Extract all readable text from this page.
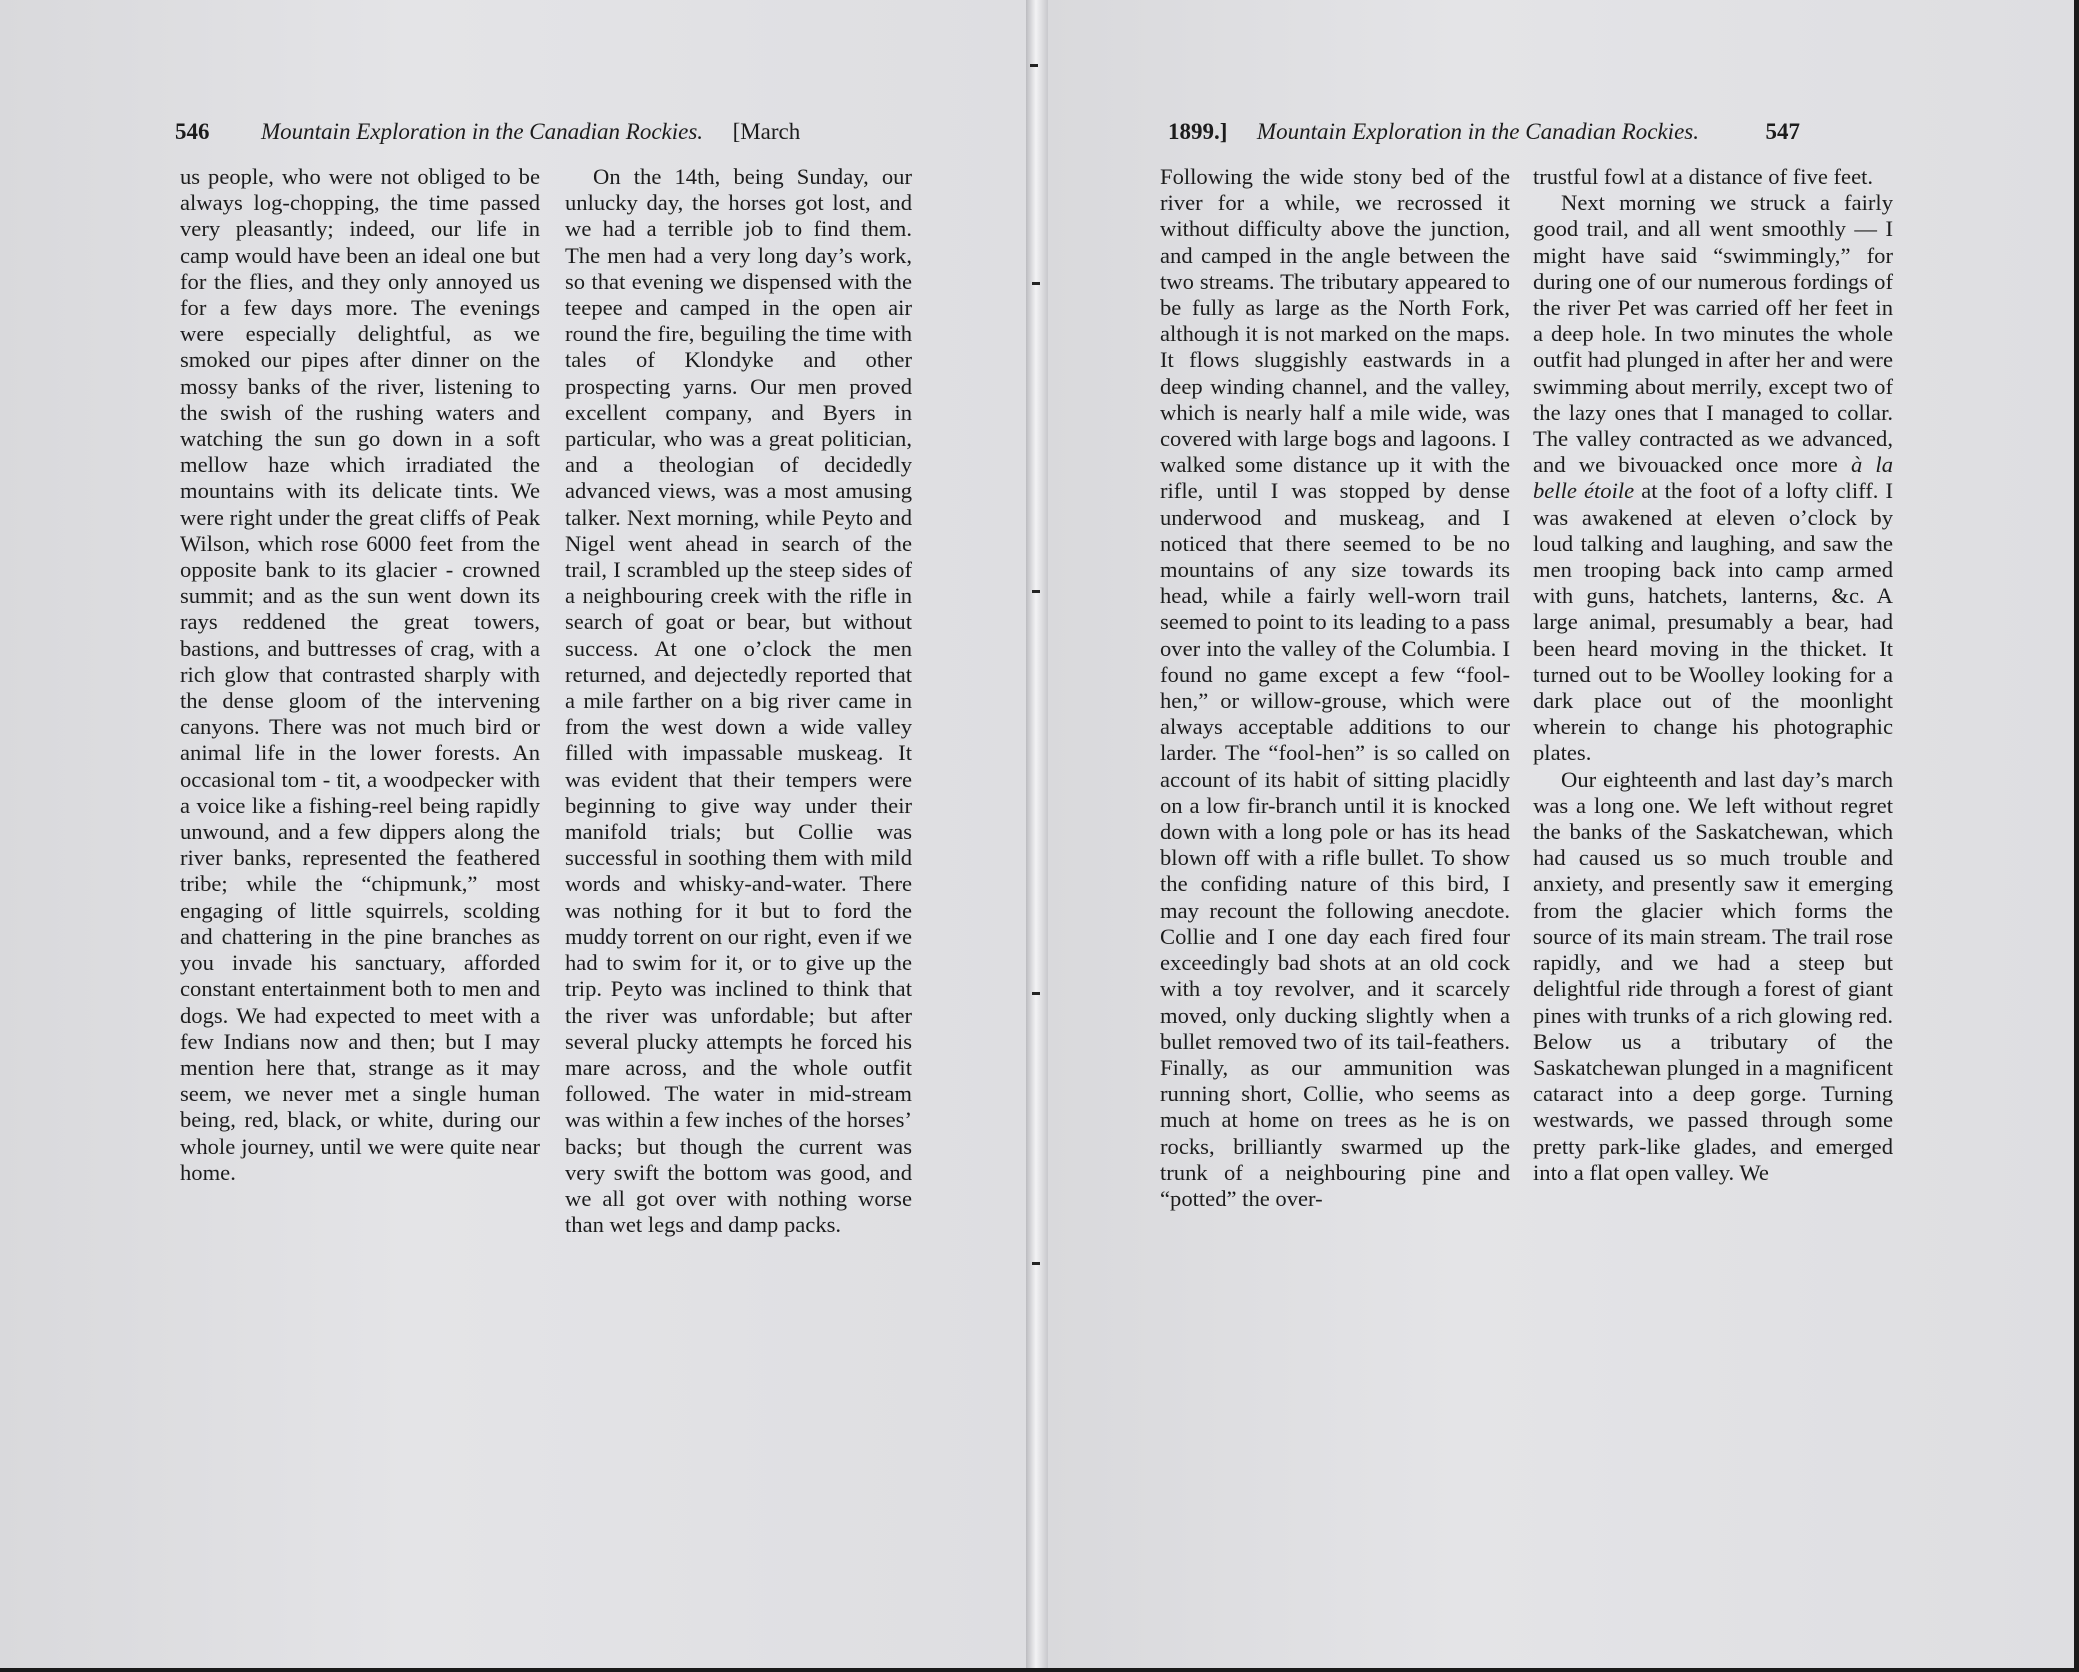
546 Mountain Exploration in the Canadian Rockies. [March

us people, who were not obliged to be always log-chopping, the time passed very pleasantly; indeed, our life in camp would have been an ideal one but for the flies, and they only annoyed us for a few days more. The evenings were especially delightful, as we smoked our pipes after dinner on the mossy banks of the river, listening to the swish of the rushing waters and watching the sun go down in a soft mellow haze which irradiated the mountains with its delicate tints. We were right under the great cliffs of Peak Wilson, which rose 6000 feet from the opposite bank to its glacier - crowned summit; and as the sun went down its rays reddened the great towers, bastions, and buttresses of crag, with a rich glow that contrasted sharply with the dense gloom of the intervening canyons. There was not much bird or animal life in the lower forests. An occasional tom - tit, a woodpecker with a voice like a fishing-reel being rapidly unwound, and a few dippers along the river banks, represented the feathered tribe; while the “chipmunk,” most engaging of little squirrels, scolding and chattering in the pine branches as you invade his sanctuary, afforded constant entertainment both to men and dogs. We had expected to meet with a few Indians now and then; but I may mention here that, strange as it may seem, we never met a single human being, red, black, or white, during our whole journey, until we were quite near home.

On the 14th, being Sunday, our unlucky day, the horses got lost, and we had a terrible job to find them. The men had a very long day’s work, so that evening we dispensed with the teepee and camped in the open air round the fire, beguiling the time with tales of Klondyke and other prospecting yarns. Our men proved excellent company, and Byers in particular, who was a great politician, and a theologian of decidedly advanced views, was a most amusing talker. Next morning, while Peyto and Nigel went ahead in search of the trail, I scrambled up the steep sides of a neighbouring creek with the rifle in search of goat or bear, but without success. At one o’clock the men returned, and dejectedly reported that a mile farther on a big river came in from the west down a wide valley filled with impassable muskeag. It was evident that their tempers were beginning to give way under their manifold trials; but Collie was successful in soothing them with mild words and whisky-and-water. There was nothing for it but to ford the muddy torrent on our right, even if we had to swim for it, or to give up the trip. Peyto was inclined to think that the river was unfordable; but after several plucky attempts he forced his mare across, and the whole outfit followed. The water in mid-stream was within a few inches of the horses’ backs; but though the current was very swift the bottom was good, and we all got over with nothing worse than wet legs and damp packs.

1899.] Mountain Exploration in the Canadian Rockies.	547

Following the wide stony bed of the river for a while, we recrossed it without difficulty above the junction, and camped in the angle between the two streams. The tributary appeared to be fully as large as the North Fork, although it is not marked on the maps. It flows sluggishly eastwards in a deep winding channel, and the valley, which is nearly half a mile wide, was covered with large bogs and lagoons. I walked some distance up it with the rifle, until I was stopped by dense underwood and muskeag, and I noticed that there seemed to be no mountains of any size towards its head, while a fairly well-worn trail seemed to point to its leading to a pass over into the valley of the Columbia. I found no game except a few “fool-hen,” or willow-grouse, which were always acceptable additions to our larder. The “fool-hen” is so called on account of its habit of sitting placidly on a low fir-branch until it is knocked down with a long pole or has its head blown off with a rifle bullet. To show the confiding nature of this bird, I may recount the following anecdote. Collie and I one day each fired four exceedingly bad shots at an old cock with a toy revolver, and it scarcely moved, only ducking slightly when a bullet removed two of its tail-feathers. Finally, as our ammunition was running short, Collie, who seems as much at home on trees as he is on rocks, brilliantly swarmed up the trunk of a neighbouring pine and “potted” the over-

trustful fowl at a distance of five feet.

Next morning we struck a fairly good trail, and all went smoothly — I might have said “swimmingly,” for during one of our numerous fordings of the river Pet was carried off her feet in a deep hole. In two minutes the whole outfit had plunged in after her and were swimming about merrily, except two of the lazy ones that I managed to collar. The valley contracted as we advanced, and we bivouacked once more à la belle étoile at the foot of a lofty cliff. I was awakened at eleven o’clock by loud talking and laughing, and saw the men trooping back into camp armed with guns, hatchets, lanterns, &c. A large animal, presumably a bear, had been heard moving in the thicket. It turned out to be Woolley looking for a dark place out of the moonlight wherein to change his photographic plates.

Our eighteenth and last day’s march was a long one. We left without regret the banks of the Saskatchewan, which had caused us so much trouble and anxiety, and presently saw it emerging from the glacier which forms the source of its main stream. The trail rose rapidly, and we had a steep but delightful ride through a forest of giant pines with trunks of a rich glowing red. Below us a tributary of the Saskatchewan plunged in a magnificent cataract into a deep gorge. Turning westwards, we passed through some pretty park-like glades, and emerged into a flat open valley. We
